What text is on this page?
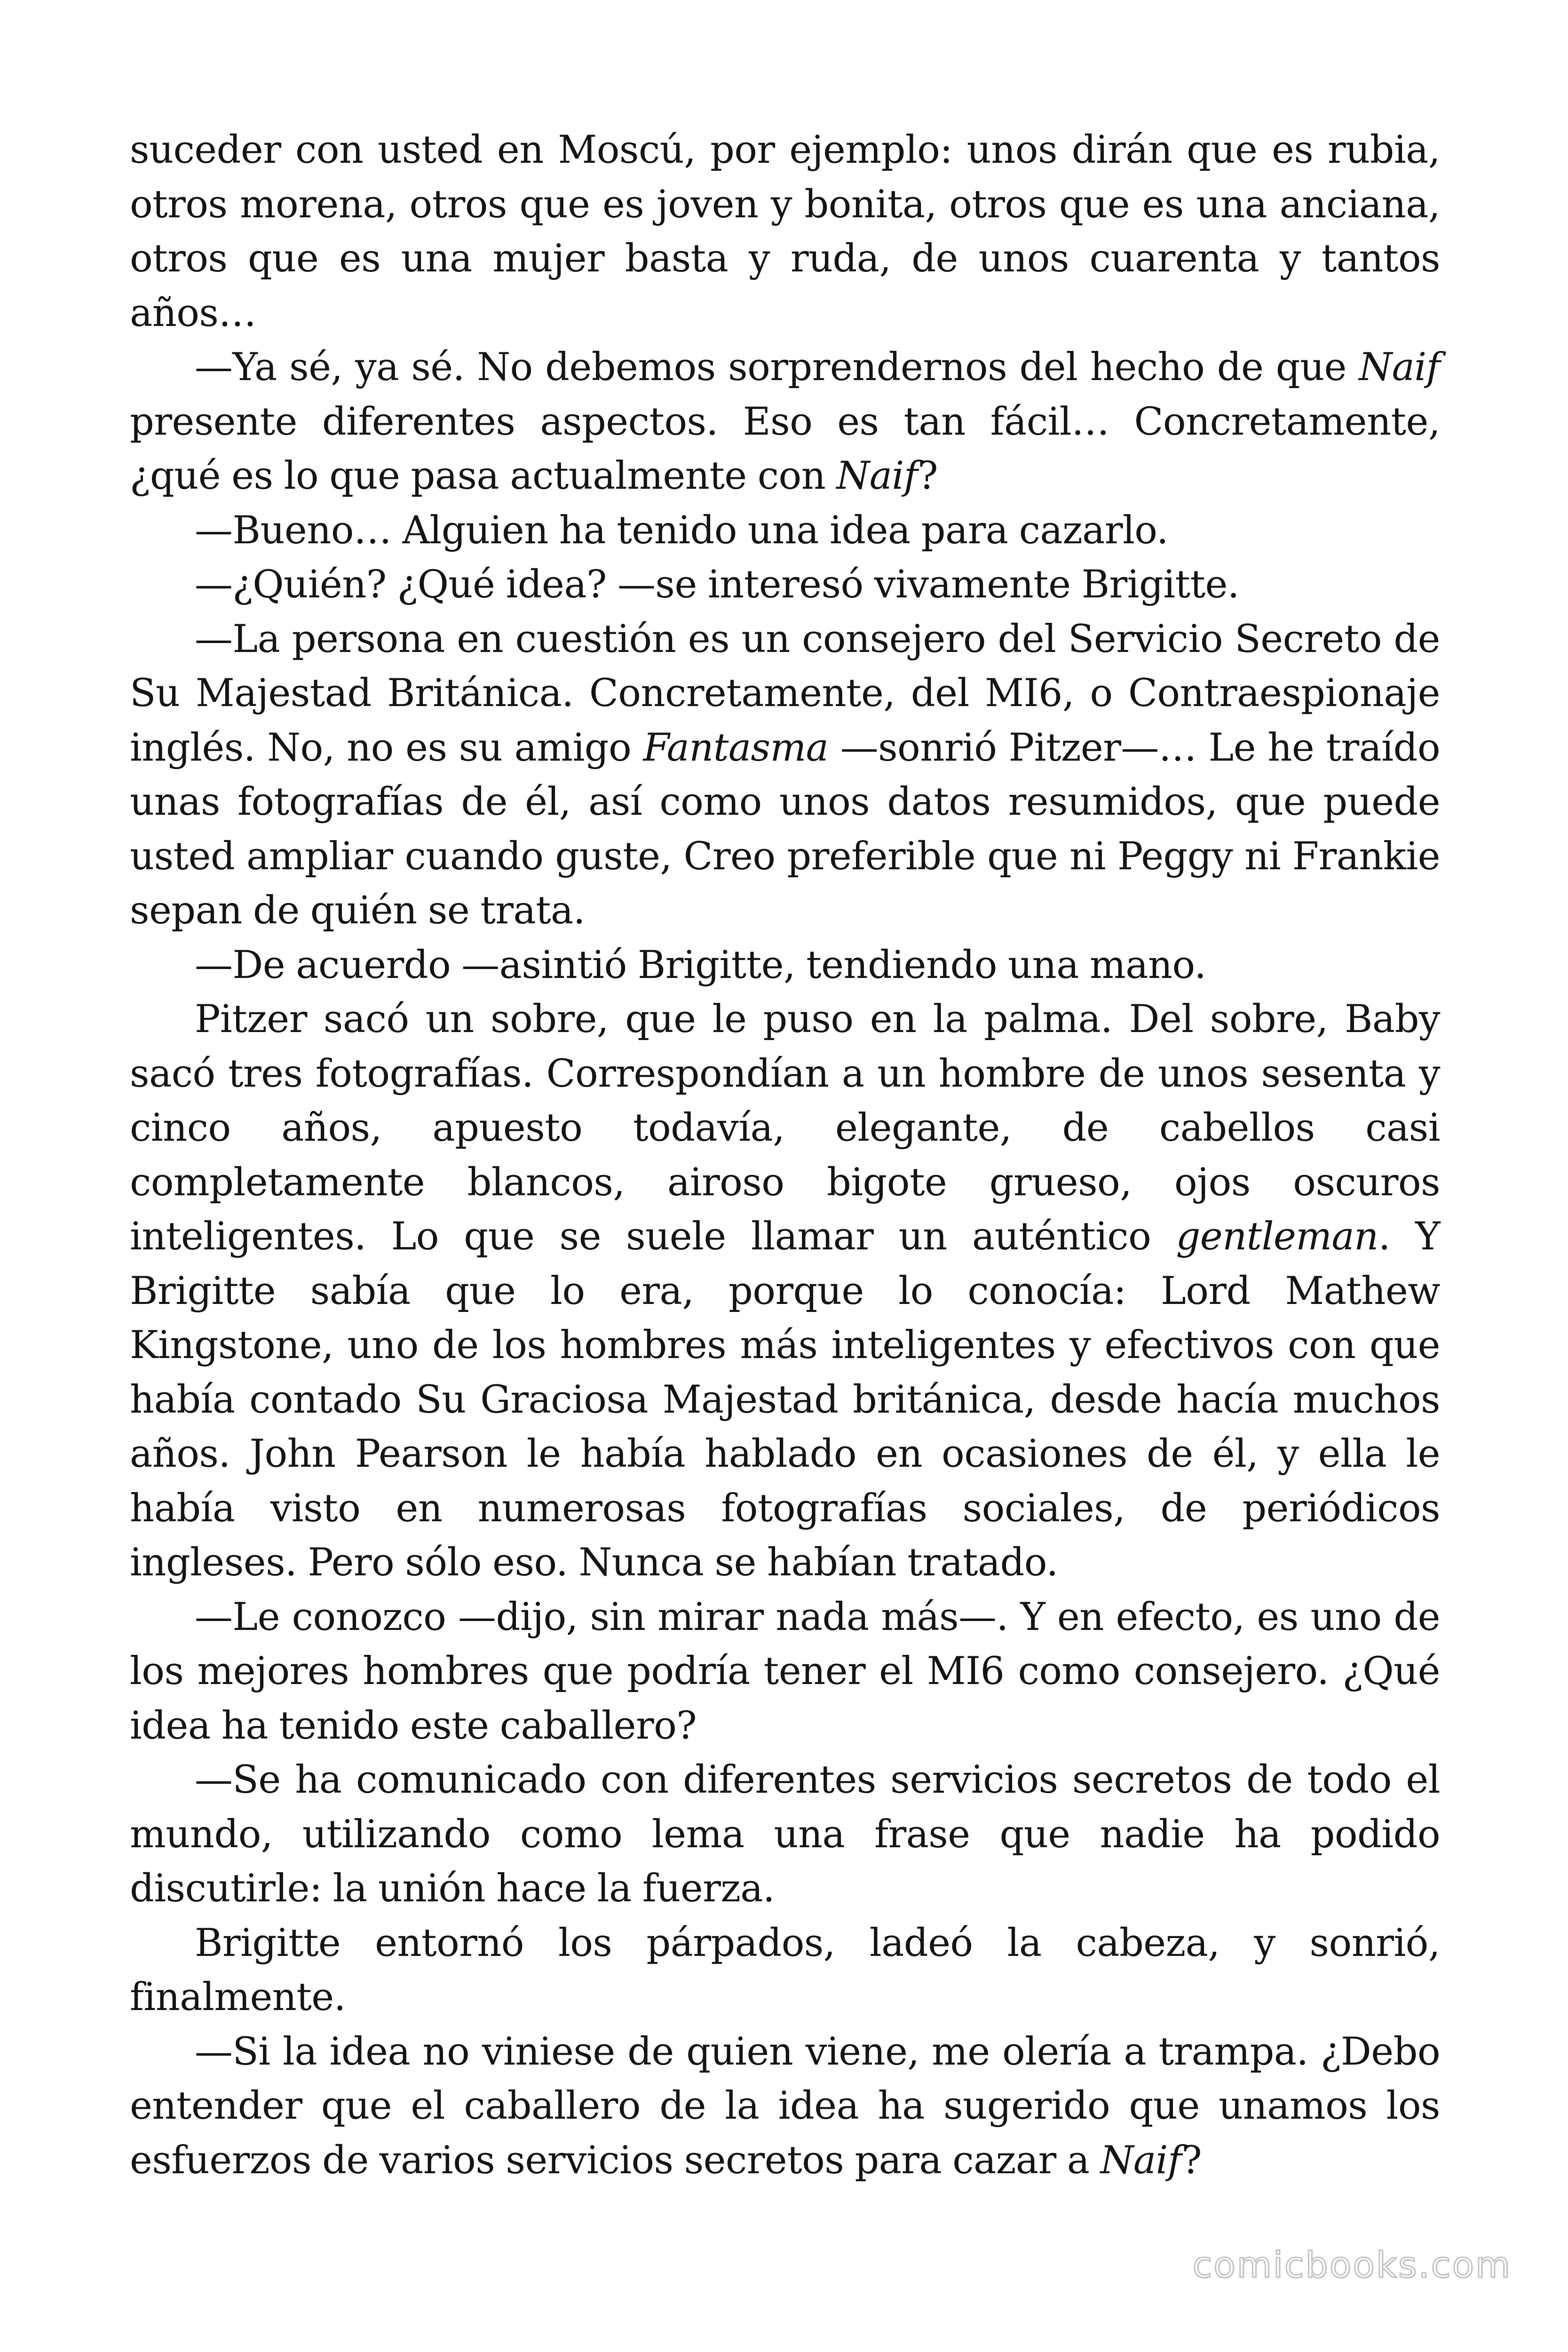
suceder con usted en Moscú, por ejemplo: unos dirán que es rubia, otros morena, otros que es joven y bonita, otros que es una anciana, otros que es una mujer basta y ruda, de unos cuarenta y tantos años…

—Ya sé, ya sé. No debemos sorprendernos del hecho de que Naif presente diferentes aspectos. Eso es tan fácil… Concretamente, ¿qué es lo que pasa actualmente con Naif?

—Bueno… Alguien ha tenido una idea para cazarlo.

—¿Quién? ¿Qué idea? —se interesó vivamente Brigitte.

—La persona en cuestión es un consejero del Servicio Secreto de Su Majestad Británica. Concretamente, del MI6, o Contraespionaje inglés. No, no es su amigo Fantasma —sonrió Pitzer—… Le he traído unas fotografías de él, así como unos datos resumidos, que puede usted ampliar cuando guste, Creo preferible que ni Peggy ni Frankie sepan de quién se trata.

—De acuerdo —asintió Brigitte, tendiendo una mano.

Pitzer sacó un sobre, que le puso en la palma. Del sobre, Baby sacó tres fotografías. Correspondían a un hombre de unos sesenta y cinco años, apuesto todavía, elegante, de cabellos casi completamente blancos, airoso bigote grueso, ojos oscuros inteligentes. Lo que se suele llamar un auténtico gentleman. Y Brigitte sabía que lo era, porque lo conocía: Lord Mathew Kingstone, uno de los hombres más inteligentes y efectivos con que había contado Su Graciosa Majestad británica, desde hacía muchos años. John Pearson le había hablado en ocasiones de él, y ella le había visto en numerosas fotografías sociales, de periódicos ingleses. Pero sólo eso. Nunca se habían tratado.

—Le conozco —dijo, sin mirar nada más—. Y en efecto, es uno de los mejores hombres que podría tener el MI6 como consejero. ¿Qué idea ha tenido este caballero?

—Se ha comunicado con diferentes servicios secretos de todo el mundo, utilizando como lema una frase que nadie ha podido discutirle: la unión hace la fuerza.

Brigitte entornó los párpados, ladeó la cabeza, y sonrió, finalmente.

—Si la idea no viniese de quien viene, me olería a trampa. ¿Debo entender que el caballero de la idea ha sugerido que unamos los esfuerzos de varios servicios secretos para cazar a Naif?

comicbooks.com
